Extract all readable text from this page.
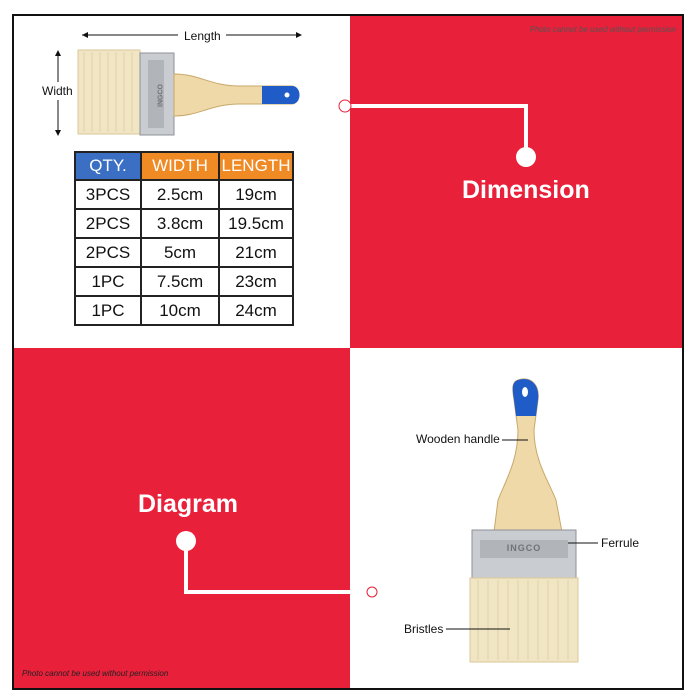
INGCO
INGCO
Photo cannot be used without permission
Photo cannot be used without permission
Length
Width
QTY.	WIDTH	LENGTH
3PCS	2.5cm	19cm
2PCS	3.8cm	19.5cm
2PCS	5cm	21cm
1PC	7.5cm	23cm
1PC	10cm	24cm
Dimension
Diagram
Wooden handle
Ferrule
Bristles
